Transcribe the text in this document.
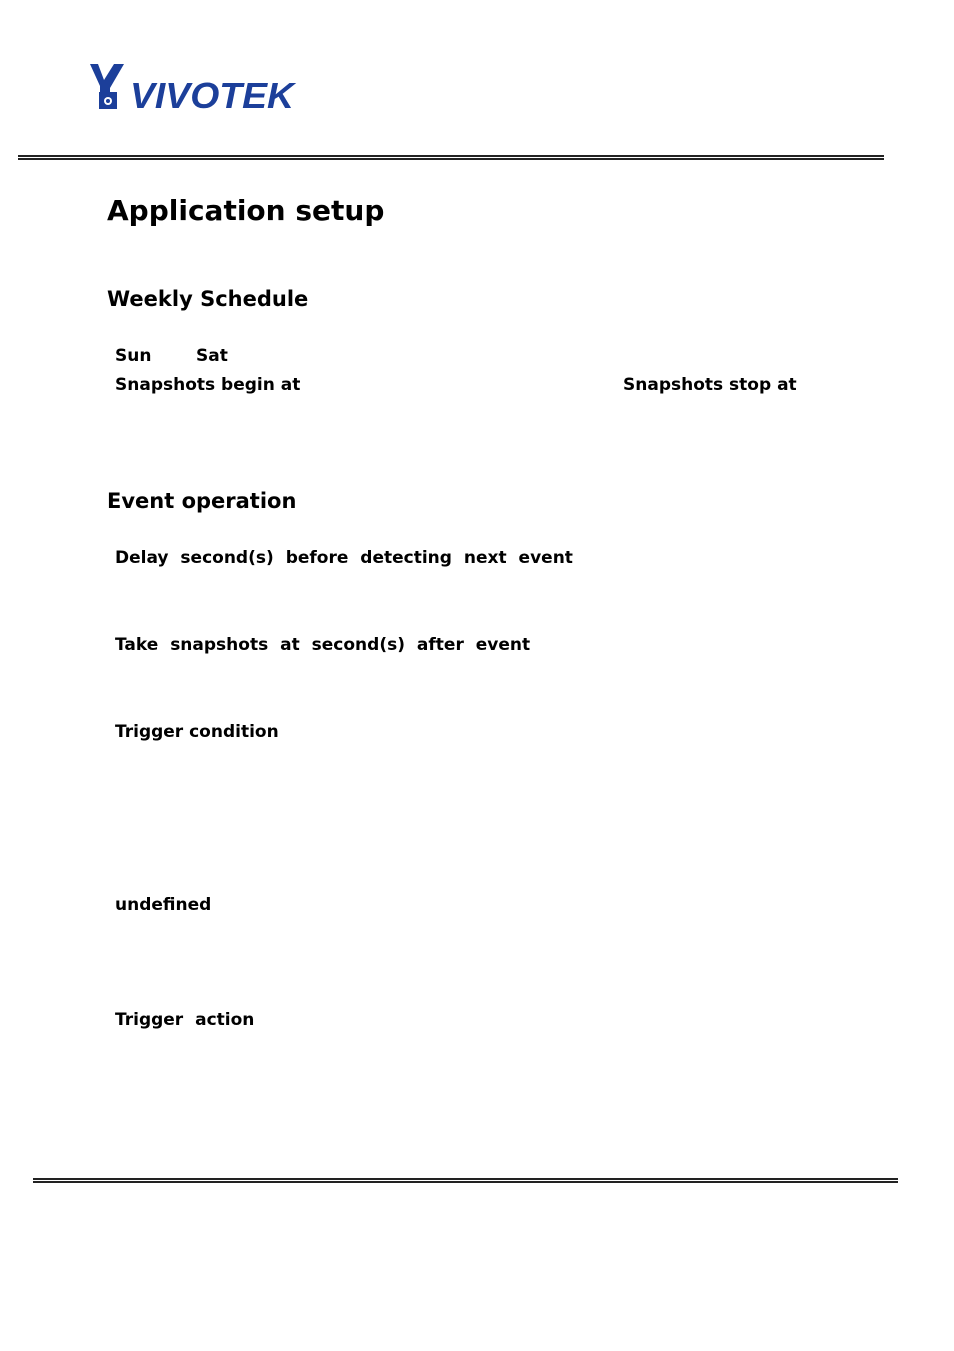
VIVOTEK
Application setup
Weekly Schedule
Sun	Sat
Snapshots begin at	Snapshots stop at
Event operation
Delay second(s) before detecting next event
Take snapshots at second(s) after event
Trigger condition
undefined
Trigger action
